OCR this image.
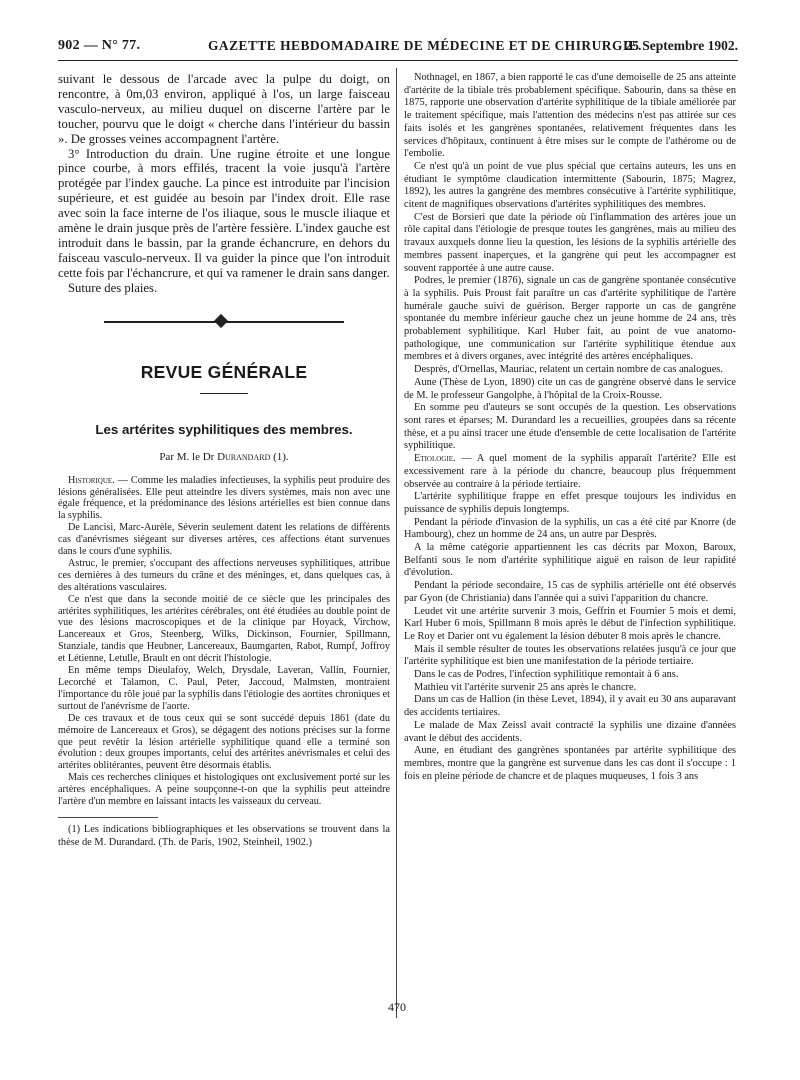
902 — N° 77.	GAZETTE HEBDOMADAIRE DE MÉDECINE ET DE CHIRURGIE.
25 Septembre 1902.

suivant le dessous de l'arcade avec la pulpe du doigt, on rencontre, à 0m,03 environ, appliqué à l'os, un large faisceau vasculo-nerveux, au milieu duquel on discerne l'artère par le toucher, pourvu que le doigt « cherche dans l'intérieur du bassin ». De grosses veines accompagnent l'artère.

3° Introduction du drain. Une rugine étroite et une longue pince courbe, à mors effilés, tracent la voie jusqu'à l'artère protégée par l'index gauche. La pince est introduite par l'incision supérieure, et est guidée au besoin par l'index droit. Elle rase avec soin la face interne de l'os iliaque, sous le muscle iliaque et amène le drain jusque près de l'artère fessière. L'index gauche est introduit dans le bassin, par la grande échancrure, en dehors du faisceau vasculo-nerveux. Il va guider la pince que l'on introduit cette fois par l'échancrure, et qui va ramener le drain sans danger.

Suture des plaies.

REVUE GÉNÉRALE
Les artérites syphilitiques des membres.
Par M. le Dr Durandard (1).

Historique. — Comme les maladies infectieuses, la syphilis peut produire des lésions généralisées. Elle peut atteindre les divers systèmes, mais non avec une égale fréquence, et la prédominance des lésions artérielles est bien connue dans la syphilis.

De Lancisi, Marc-Aurèle, Séverin seulement datent les relations de différents cas d'anévrismes siégeant sur diverses artères, ces affections étant survenues dans le cours d'une syphilis.

Astruc, le premier, s'occupant des affections nerveuses syphilitiques, attribue ces dernières à des tumeurs du crâne et des méninges, et, dans quelques cas, à des altérations vasculaires.

Ce n'est que dans la seconde moitié de ce siècle que les principales des artérites syphilitiques, les artérites cérébrales, ont été étudiées au double point de vue des lésions macroscopiques et de la clinique par Hoyack, Virchow, Lancereaux et Gros, Steenberg, Wilks, Dickinson, Fournier, Spillmann, Stanziale, tandis que Heubner, Lancereaux, Baumgarten, Rabot, Rumpf, Joffroy et Létienne, Letulle, Brault en ont décrit l'histologie.

En même temps Dieulafoy, Welch, Drysdale, Laveran, Vallin, Fournier, Lecorché et Talamon, C. Paul, Peter, Jaccoud, Malmsten, montraient l'importance du rôle joué par la syphilis dans l'étiologie des aortites chroniques et surtout de l'anévrisme de l'aorte.

De ces travaux et de tous ceux qui se sont succédé depuis 1861 (date du mémoire de Lancereaux et Gros), se dégagent des notions précises sur la forme que peut revêtir la lésion artérielle syphilitique quand elle a terminé son évolution : deux groupes importants, celui des artérites anévrismales et celui des artérites oblitérantes, peuvent être désormais établis.

Mais ces recherches cliniques et histologiques ont exclusivement porté sur les artères encéphaliques. A peine soupçonne-t-on que la syphilis peut atteindre l'artère d'un membre en laissant intacts les vaisseaux du cerveau.

(1) Les indications bibliographiques et les observations se trouvent dans la thèse de M. Durandard. (Th. de Paris, 1902, Steinheil, 1902.)

Nothnagel, en 1867, a bien rapporté le cas d'une demoiselle de 25 ans atteinte d'artérite de la tibiale très probablement spécifique. Sabourin, dans sa thèse en 1875, rapporte une observation d'artérite syphilitique de la tibiale améliorée par le traitement spécifique, mais l'attention des médecins n'est pas attirée sur ces faits isolés et les gangrènes spontanées, relativement fréquentes dans les services d'hôpitaux, continuent à être mises sur le compte de l'athérome ou de l'embolie.

Ce n'est qu'à un point de vue plus spécial que certains auteurs, les uns en étudiant le symptôme claudication intermittente (Sabourin, 1875; Magrez, 1892), les autres la gangrène des membres consécutive à l'artérite syphilitique, citent de magnifiques observations d'artérites syphilitiques des membres.

C'est de Borsieri que date la période où l'inflammation des artères joue un rôle capital dans l'étiologie de presque toutes les gangrènes, mais au milieu des travaux auxquels donne lieu la question, les lésions de la syphilis artérielle des membres passent inaperçues, et la gangrène qui peut les accompagner est souvent rapportée à une autre cause.

Podres, le premier (1876), signale un cas de gangrène spontanée consécutive à la syphilis. Puis Proust fait paraître un cas d'artérite syphilitique de l'artère humérale gauche suivi de guérison. Berger rapporte un cas de gangrène spontanée du membre inférieur gauche chez un jeune homme de 24 ans, très probablement syphilitique. Karl Huber fait, au point de vue anatomo-pathologique, une communication sur l'artérite syphilitique étendue aux membres et à divers organes, avec intégrité des artères encéphaliques.

Desprès, d'Ornellas, Mauriac, relatent un certain nombre de cas analogues.

Aune (Thèse de Lyon, 1890) cite un cas de gangrène observé dans le service de M. le professeur Gangolphe, à l'hôpital de la Croix-Rousse.

En somme peu d'auteurs se sont occupés de la question. Les observations sont rares et éparses; M. Durandard les a recueillies, groupées dans sa récente thèse, et a pu ainsi tracer une étude d'ensemble de cette localisation de l'artérite syphilitique.

Etiologie. — A quel moment de la syphilis apparaît l'artérite? Elle est excessivement rare à la période du chancre, beaucoup plus fréquemment observée au contraire à la période tertiaire.

L'artérite syphilitique frappe en effet presque toujours les individus en puissance de syphilis depuis longtemps.

Pendant la période d'invasion de la syphilis, un cas a été cité par Knorre (de Hambourg), chez un homme de 24 ans, un autre par Desprès.

A la même catégorie appartiennent les cas décrits par Moxon, Baroux, Belfanti sous le nom d'artérite syphilitique aiguë en raison de leur rapidité d'évolution.

Pendant la période secondaire, 15 cas de syphilis artérielle ont été observés par Gyon (de Christiania) dans l'année qui a suivi l'apparition du chancre.

Leudet vit une artérite survenir 3 mois, Geffrin et Fournier 5 mois et demi, Karl Huber 6 mois, Spillmann 8 mois après le début de l'infection syphilitique. Le Roy et Darier ont vu également la lésion débuter 8 mois après le chancre.

Mais il semble résulter de toutes les observations relatées jusqu'à ce jour que l'artérite syphilitique est bien une manifestation de la période tertiaire.

Dans le cas de Podres, l'infection syphilitique remontait à 6 ans.

Mathieu vit l'artérite survenir 25 ans après le chancre.

Dans un cas de Hallion (in thèse Levet, 1894), il y avait eu 30 ans auparavant des accidents tertiaires.

Le malade de Max Zeissl avait contracté la syphilis une dizaine d'années avant le début des accidents.

Aune, en étudiant des gangrènes spontanées par artérite syphilitique des membres, montre que la gangrène est survenue dans les cas dont il s'occupe : 1 fois en pleine période de chancre et de plaques muqueuses, 1 fois 3 ans

470
